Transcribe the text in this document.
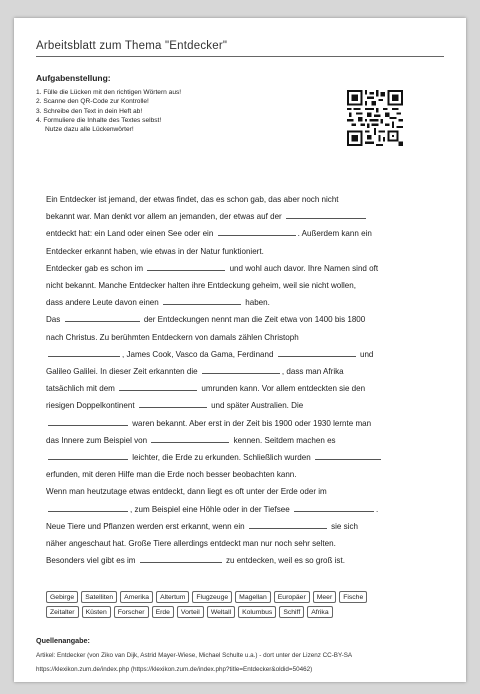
Arbeitsblatt zum Thema "Entdecker"
Aufgabenstellung:
1. Fülle die Lücken mit den richtigen Wörtern aus!
2. Scanne den QR-Code zur Kontrolle!
3. Schreibe den Text in dein Heft ab!
4. Formuliere die Inhalte des Textes selbst!
Nutze dazu alle Lückenwörter!

Ein Entdecker ist jemand, der etwas findet, das es schon gab, das aber noch nicht
bekannt war. Man denkt vor allem an jemanden, der etwas auf der
entdeckt hat: ein Land oder einen See oder ein	. Außerdem kann ein
Entdecker erkannt haben, wie etwas in der Natur funktioniert.
Entdecker gab es schon im	und wohl auch davor. Ihre Namen sind oft
nicht bekannt. Manche Entdecker halten ihre Entdeckung geheim, weil sie nicht wollen,
dass andere Leute davon einen	haben.
Das	der Entdeckungen nennt man die Zeit etwa von 1400 bis 1800
nach Christus. Zu berühmten Entdeckern von damals zählen Christoph
, James Cook, Vasco da Gama, Ferdinand	und
Galileo Galilei. In dieser Zeit erkannten die	, dass man Afrika
tatsächlich mit dem	umrunden kann. Vor allem entdeckten sie den
riesigen Doppelkontinent	und später Australien. Die
waren bekannt. Aber erst in der Zeit bis 1900 oder 1930 lernte man
das Innere zum Beispiel von	kennen. Seitdem machen es
leichter, die Erde zu erkunden. Schließlich wurden
erfunden, mit deren Hilfe man die Erde noch besser beobachten kann.
Wenn man heutzutage etwas entdeckt, dann liegt es oft unter der Erde oder im
, zum Beispiel eine Höhle oder in der Tiefsee	.
Neue Tiere und Pflanzen werden erst erkannt, wenn ein	sie sich
näher angeschaut hat. Große Tiere allerdings entdeckt man nur noch sehr selten.
Besonders viel gibt es im	zu entdecken, weil es so groß ist.

Gebirge	Satelliten	Amerika	Altertum	Flugzeuge	Magellan	Europäer	Meer	Fische
Zeitalter	Küsten	Forscher	Erde	Vorteil	Weltall	Kolumbus	Schiff	Afrika
Quellenangabe:
Artikel: Entdecker (von Ziko van Dijk, Astrid Mayer-Wiese, Michael Schulte u.a.) - dort unter der Lizenz CC-BY-SA
https://klexikon.zum.de/index.php (https://klexikon.zum.de/index.php?title=Entdecker&oldid=50462)
